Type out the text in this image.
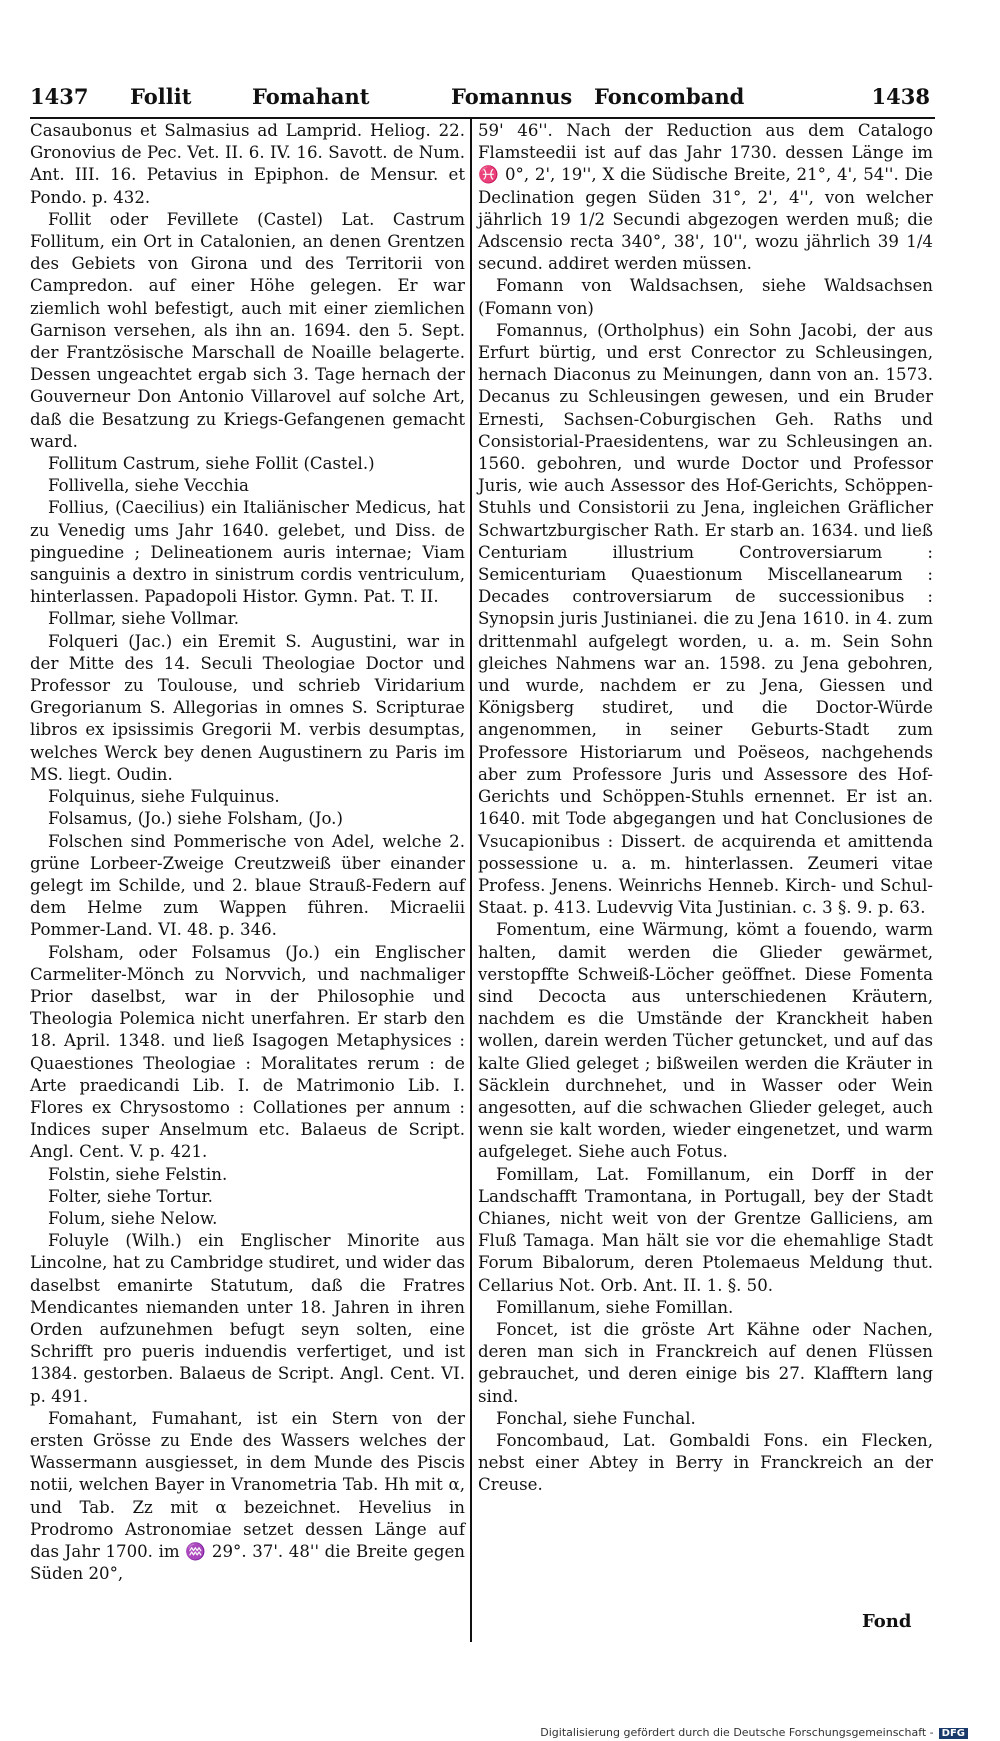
1437 Follit	Fomahant	Fomannus Foncomband	1438

Casaubonus et Salmasius ad Lamprid. Heliog. 22. Gronovius de Pec. Vet. II. 6. IV. 16. Savott. de Num. Ant. III. 16. Petavius in Epiphon. de Mensur. et Pondo. p. 432.

Follit oder Fevillete (Castel) Lat. Castrum Follitum, ein Ort in Catalonien, an denen Grentzen des Gebiets von Girona und des Territorii von Campredon. auf einer Höhe gelegen. Er war ziemlich wohl befestigt, auch mit einer ziemlichen Garnison versehen, als ihn an. 1694. den 5. Sept. der Frantzösische Marschall de Noaille belagerte. Dessen ungeachtet ergab sich 3. Tage hernach der Gouverneur Don Antonio Villarovel auf solche Art, daß die Besatzung zu Kriegs-Gefangenen gemacht ward.

Follitum Castrum, siehe Follit (Castel.)

Follivella, siehe Vecchia

Follius, (Caecilius) ein Italiänischer Medicus, hat zu Venedig ums Jahr 1640. gelebet, und Diss. de pinguedine ; Delineationem auris internae; Viam sanguinis a dextro in sinistrum cordis ventriculum, hinterlassen. Papadopoli Histor. Gymn. Pat. T. II.

Follmar, siehe Vollmar.

Folqueri (Jac.) ein Eremit S. Augustini, war in der Mitte des 14. Seculi Theologiae Doctor und Professor zu Toulouse, und schrieb Viridarium Gregorianum S. Allegorias in omnes S. Scripturae libros ex ipsissimis Gregorii M. verbis desumptas, welches Werck bey denen Augustinern zu Paris im MS. liegt. Oudin.

Folquinus, siehe Fulquinus.

Folsamus, (Jo.) siehe Folsham, (Jo.)

Folschen sind Pommerische von Adel, welche 2. grüne Lorbeer-Zweige Creutzweiß über einander gelegt im Schilde, und 2. blaue Strauß-Federn auf dem Helme zum Wappen führen. Micraelii Pommer-Land. VI. 48. p. 346.

Folsham, oder Folsamus (Jo.) ein Englischer Carmeliter-Mönch zu Norvvich, und nachmaliger Prior daselbst, war in der Philosophie und Theologia Polemica nicht unerfahren. Er starb den 18. April. 1348. und ließ Isagogen Metaphysices : Quaestiones Theologiae : Moralitates rerum : de Arte praedicandi Lib. I. de Matrimonio Lib. I. Flores ex Chrysostomo : Collationes per annum : Indices super Anselmum etc. Balaeus de Script. Angl. Cent. V. p. 421.

Folstin, siehe Felstin.

Folter, siehe Tortur.

Folum, siehe Nelow.

Foluyle (Wilh.) ein Englischer Minorite aus Lincolne, hat zu Cambridge studiret, und wider das daselbst emanirte Statutum, daß die Fratres Mendicantes niemanden unter 18. Jahren in ihren Orden aufzunehmen befugt seyn solten, eine Schrifft pro pueris induendis verfertiget, und ist 1384. gestorben. Balaeus de Script. Angl. Cent. VI. p. 491.

Fomahant, Fumahant, ist ein Stern von der ersten Grösse zu Ende des Wassers welches der Wassermann ausgiesset, in dem Munde des Piscis notii, welchen Bayer in Vranometria Tab. Hh mit α, und Tab. Zz mit α bezeichnet. Hevelius in Prodromo Astronomiae setzet dessen Länge auf das Jahr 1700. im ♒ 29°. 37'. 48'' die Breite gegen Süden 20°,

59' 46''. Nach der Reduction aus dem Catalogo Flamsteedii ist auf das Jahr 1730. dessen Länge im ♓ 0°, 2', 19'', X die Südische Breite, 21°, 4', 54''. Die Declination gegen Süden 31°, 2', 4'', von welcher jährlich 19 1/2 Secundi abgezogen werden muß; die Adscensio recta 340°, 38', 10'', wozu jährlich 39 1/4 secund. addiret werden müssen.

Fomann von Waldsachsen, siehe Waldsachsen (Fomann von)

Fomannus, (Ortholphus) ein Sohn Jacobi, der aus Erfurt bürtig, und erst Conrector zu Schleusingen, hernach Diaconus zu Meinungen, dann von an. 1573. Decanus zu Schleusingen gewesen, und ein Bruder Ernesti, Sachsen-Coburgischen Geh. Raths und Consistorial-Praesidentens, war zu Schleusingen an. 1560. gebohren, und wurde Doctor und Professor Juris, wie auch Assessor des Hof-Gerichts, Schöppen-Stuhls und Consistorii zu Jena, ingleichen Gräflicher Schwartzburgischer Rath. Er starb an. 1634. und ließ Centuriam illustrium Controversiarum : Semicenturiam Quaestionum Miscellanearum : Decades controversiarum de successionibus : Synopsin juris Justinianei. die zu Jena 1610. in 4. zum drittenmahl aufgelegt worden, u. a. m. Sein Sohn gleiches Nahmens war an. 1598. zu Jena gebohren, und wurde, nachdem er zu Jena, Giessen und Königsberg studiret, und die Doctor-Würde angenommen, in seiner Geburts-Stadt zum Professore Historiarum und Poëseos, nachgehends aber zum Professore Juris und Assessore des Hof-Gerichts und Schöppen-Stuhls ernennet. Er ist an. 1640. mit Tode abgegangen und hat Conclusiones de Vsucapionibus : Dissert. de acquirenda et amittenda possessione u. a. m. hinterlassen. Zeumeri vitae Profess. Jenens. Weinrichs Henneb. Kirch- und Schul-Staat. p. 413. Ludevvig Vita Justinian. c. 3 §. 9. p. 63.

Fomentum, eine Wärmung, kömt a fouendo, warm halten, damit werden die Glieder gewärmet, verstopffte Schweiß-Löcher geöffnet. Diese Fomenta sind Decocta aus unterschiedenen Kräutern, nachdem es die Umstände der Kranckheit haben wollen, darein werden Tücher getuncket, und auf das kalte Glied geleget ; bißweilen werden die Kräuter in Säcklein durchnehet, und in Wasser oder Wein angesotten, auf die schwachen Glieder geleget, auch wenn sie kalt worden, wieder eingenetzet, und warm aufgeleget. Siehe auch Fotus.

Fomillam, Lat. Fomillanum, ein Dorff in der Landschafft Tramontana, in Portugall, bey der Stadt Chianes, nicht weit von der Grentze Galliciens, am Fluß Tamaga. Man hält sie vor die ehemahlige Stadt Forum Bibalorum, deren Ptolemaeus Meldung thut. Cellarius Not. Orb. Ant. II. 1. §. 50.

Fomillanum, siehe Fomillan.

Foncet, ist die gröste Art Kähne oder Nachen, deren man sich in Franckreich auf denen Flüssen gebrauchet, und deren einige bis 27. Klafftern lang sind.

Fonchal, siehe Funchal.

Foncombaud, Lat. Gombaldi Fons. ein Flecken, nebst einer Abtey in Berry in Franckreich an der Creuse.

Fond
Digitalisierung gefördert durch die Deutsche Forschungsgemeinschaft - DFG
